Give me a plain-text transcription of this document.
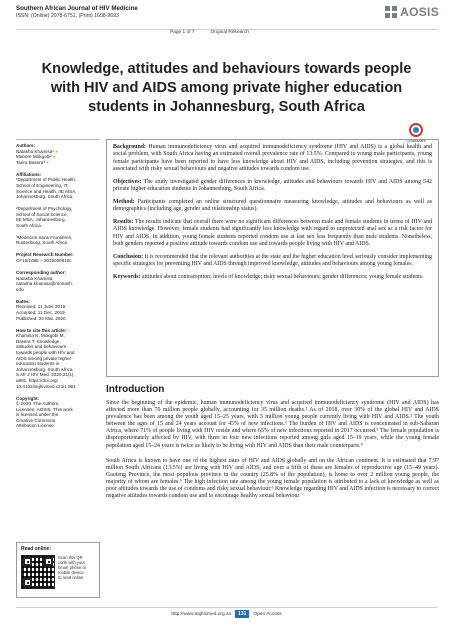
Southern African Journal of HIV Medicine
ISSN: (Online) 2078-6751, (Print) 1608-9693	AOSIS
Page 1 of 7	Original Research
Knowledge, attitudes and behaviours towards people
with HIV and AIDS among private higher education
students in Johannesburg, South Africa
CrossMark
Authors:
Natasha Khamisa¹ ●
Mabore Mokgobi² ●
Tarira Basera³ ●
Affiliations:
¹Department of Public Health,
School of Engineering, IT,
Science and Health, IIE MSA,
Johannesburg, South Africa
²Department of Psychology,
School of Social Science,
IIE MSA, Johannesburg,
South Africa
³Médecins Sans Frontières,
Rustenburg, South Africa
Project Research Number:
CF15/1095 – 2015000518c
Corresponding author:
Natasha Khamisa,
natasha.khamisa@monash.
edu
Dates:
Received: 11 June 2019
Accepted: 11 Dec. 2019
Published: 24 Mar. 2020
How to cite this article:
Khamisa N, Mokgobi M,
Basera T. Knowledge,
attitudes and behaviours
towards people with HIV and
AIDS among private higher
education students in
Johannesburg, South Africa.
S Afr J HIV Med. 2020;21(1),
a991. https://doi.org/
10.4102/sajhivmed.v21i1.991
Copyright:
© 2020. The Authors.
Licensee: AOSIS. This work
is licensed under the
Creative Commons
Attribution License.

Background: Human immunodeficiency virus and acquired immunodeficiency syndrome (HIV and AIDS) is a global health and social problem, with South Africa having an estimated overall prevalence rate of 13.5%. Compared to young male participants, young female participants have been reported to have less knowledge about HIV and AIDS, including prevention strategies, and this is associated with risky sexual behaviours and negative attitudes towards condom use.

Objectives: The study investigated gender differences in knowledge, attitudes and behaviours towards HIV and AIDS among 542 private higher education students in Johannesburg, South Africa.

Method: Participants completed an online structured questionnaire measuring knowledge, attitudes and behaviours as well as demographics (including age, gender and relationship status).

Results: The results indicate that overall there were no significant differences between male and female students in terms of HIV and AIDS knowledge. However, female students had significantly less knowledge with regard to unprotected anal sex as a risk factor for HIV and AIDS. In addition, young female students reported condom use at last sex less frequently than male students. Nonetheless, both genders reported a positive attitude towards condom use and towards people living with HIV and AIDS.

Conclusion: It is recommended that the relevant authorities at the state and the higher education level seriously consider implementing specific strategies for preventing HIV and AIDS through improved knowledge, attitudes and behaviours among young females.

Keywords: attitudes about contraception; levels of knowledge; risky sexual behaviours; gender differences; young female students.

Introduction

Since the beginning of the epidemic, human immunodeficiency virus and acquired immunodeficiency syndrome (HIV and AIDS) has affected more than 70 million people globally, accounting for 35 million deaths.¹ As of 2018, over 30% of the global HIV and AIDS prevalence has been among the youth aged 15–25 years, with 5 million young people currently living with HIV and AIDS.² The youth between the ages of 15 and 24 years account for 45% of new infections.³ The burden of HIV and AIDS is concentrated in sub-Saharan Africa, where 71% of people living with HIV reside and where 65% of new infections reported in 2017 occurred.¹ The female population is disproportionately affected by HIV, with three in four new infections reported among girls aged 15–19 years, while the young female population aged 15–24 years is twice as likely to be living with HIV and AIDS than their male counterparts.⁴

South Africa is known to have one of the highest rates of HIV and AIDS globally and on the African continent. It is estimated that 7.97 million South Africans (13.5%) are living with HIV and AIDS, and over a fifth of these are females of reproductive age (15–49 years). Gauteng Province, the most populous province in the country (25.8% of the population), is home to over 2 million young people, the majority of whom are females.⁵ The high infection rate among the young female population is attributed to a lack of knowledge as well as poor attitudes towards the use of condoms and risky sexual behaviour.⁶ Knowledge regarding HIV and AIDS infection is necessary to correct negative attitudes towards condom use and to encourage healthy sexual behaviour

Read online:
Scan this QR
code with your
smart phone or
mobile device
to read online.
http://www.sajhivmed.org.za	131	Open Access
